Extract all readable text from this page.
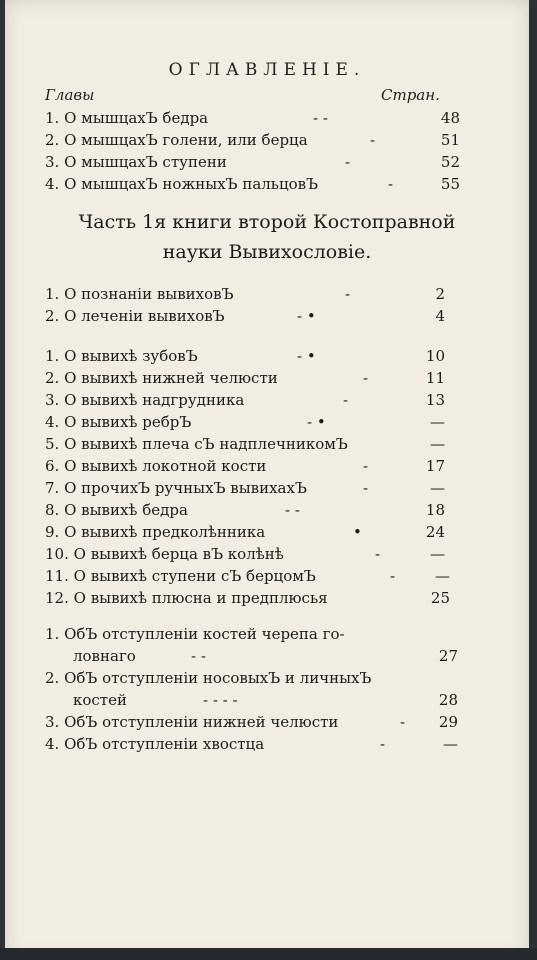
ОГЛАВЛЕНІЕ.
Главы	Стран.
1. О мышцахЪ бедра	- -	48
2. О мышцахЪ голени, или берца	-	51
3. О мышцахЪ ступени	-	52
4. О мышцахЪ ножныхЪ пальцовЪ	-	55
Часть 1я книги второй Костоправной
науки Вывихословіе.
1. О познаніи вывиховЪ	-	2
2. О леченіи вывиховЪ	- •	4
1. О вывихѣ зубовЪ	- •	10
2. О вывихѣ нижней челюсти	-	11
3. О вывихѣ надгрудника	-	13
4. О вывихѣ ребрЪ	- •	—
5. О вывихѣ плеча сЪ надплечникомЪ	—
6. О вывихѣ локотной кости	-	17
7. О прочихЪ ручныхЪ вывихахЪ	-	—
8. О вывихѣ бедра	- -	18
9. О вывихѣ предколѣнника	•	24
10. О вывихѣ берца вЪ колѣнѣ	-	—
11. О вывихѣ ступени сЪ берцомЪ	-	—
12. О вывихѣ плюсна и предплюсья	25
1. ОбЪ отступленіи костей черепа го-
ловнаго	- -	27
2. ОбЪ отступленіи носовыхЪ и личныхЪ
костей	- - - -	28
3. ОбЪ отступленіи нижней челюсти	-	29
4. ОбЪ отступленіи хвостца	-	—
